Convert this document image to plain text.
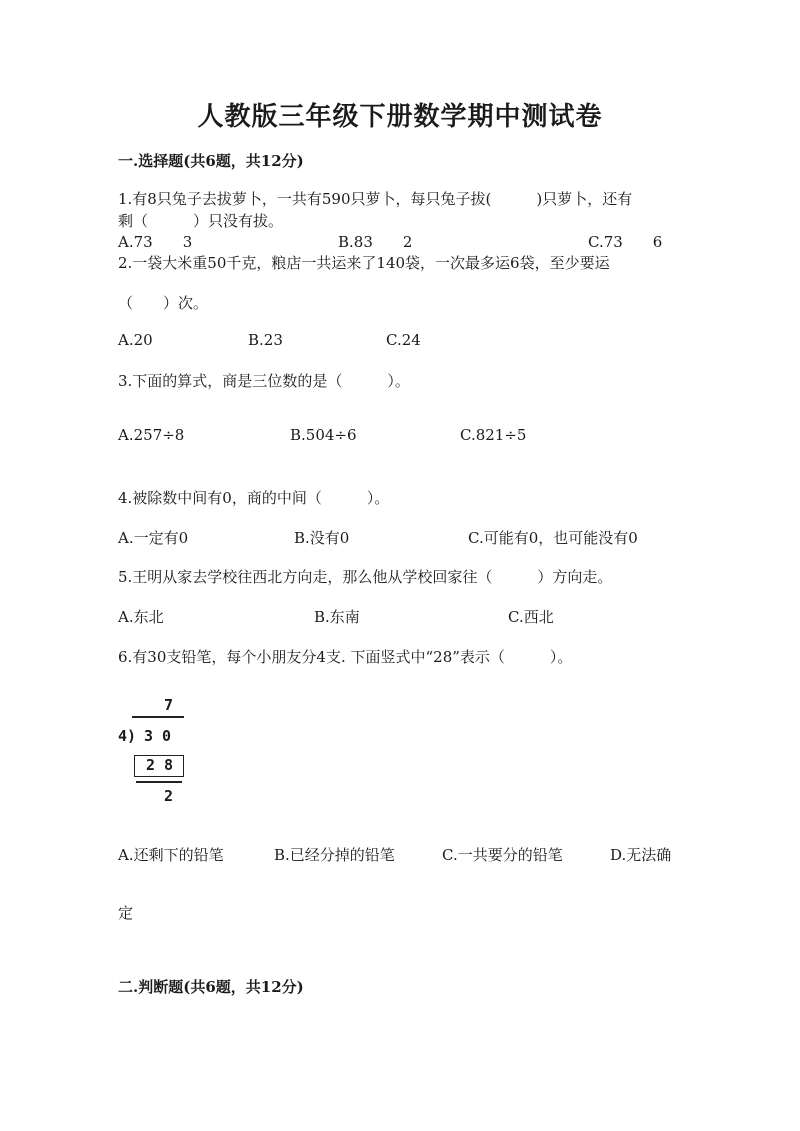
人教版三年级下册数学期中测试卷
一.选择题(共6题，共12分)
1.有8只兔子去拔萝卜，一共有590只萝卜，每只兔子拔(　　　)只萝卜，还有
剩（　　　）只没有拔。
A.73　　3	B.83　　2	C.73　　6
2.一袋大米重50千克，粮店一共运来了140袋，一次最多运6袋，至少要运
（　　）次。
A.20	B.23	C.24
3.下面的算式，商是三位数的是（　　　）。
A.257÷8	B.504÷6	C.821÷5
4.被除数中间有0，商的中间（　　　）。
A.一定有0	B.没有0	C.可能有0，也可能没有0
5.王明从家去学校往西北方向走，那么他从学校回家往（　　　）方向走。
A.东北	B.东南	C.西北
6.有30支铅笔，每个小朋友分4支. 下面竖式中“28”表示（　　　）。
7
4) 3 0
2 8
2
A.还剩下的铅笔	B.已经分掉的铅笔	C.一共要分的铅笔	D.无法确
定
二.判断题(共6题，共12分)
